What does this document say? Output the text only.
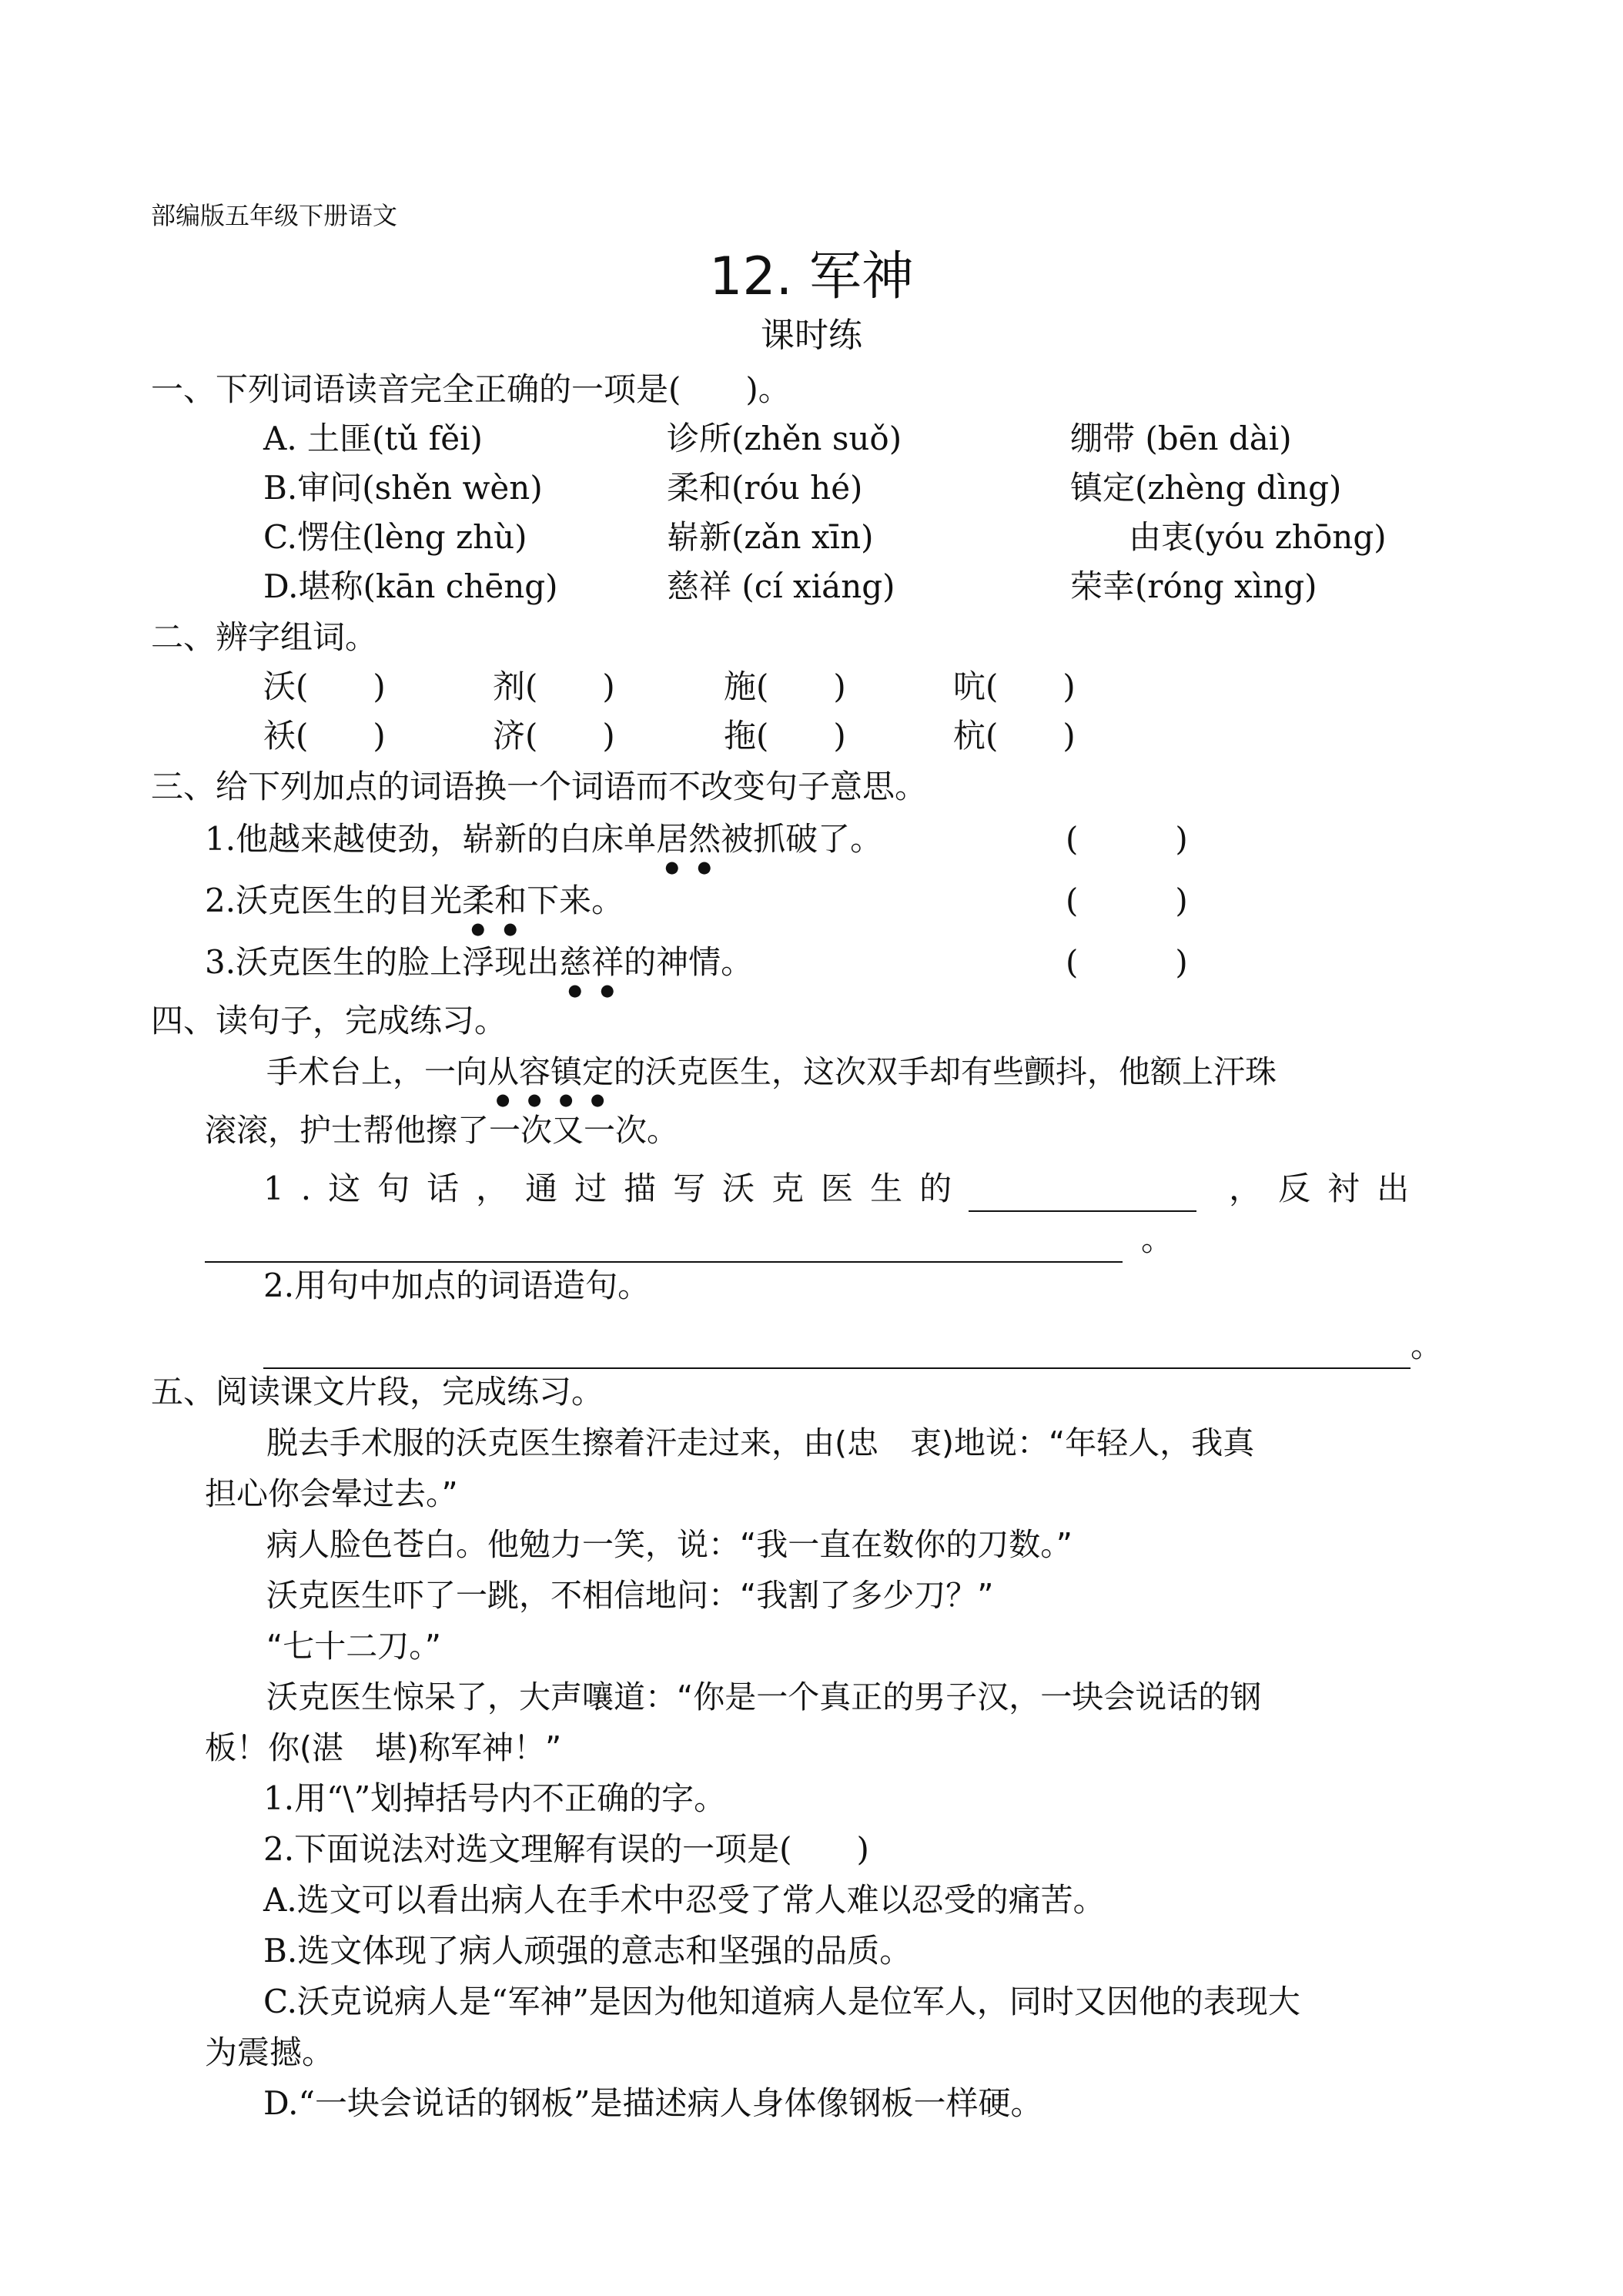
部编版五年级下册语文
12. 军神
课时练
一、下列词语读音完全正确的一项是(　　)。
A. 土匪(tǔ fěi)	诊所(zhěn suǒ)	绷带 (bēn dài)
B.审问(shěn wèn)	柔和(róu hé)	镇定(zhèng dìng)
C.愣住(lèng zhù)	崭新(zǎn xīn)	由衷(yóu zhōng)
D.堪称(kān chēng)	慈祥 (cí xiáng)	荣幸(róng xìng)
二、辨字组词。
沃(　　)	剂(　　)	施(　　)	吭(　　)
袄(　　)	济(　　)	拖(　　)	杭(　　)
三、给下列加点的词语换一个词语而不改变句子意思。
1.他越来越使劲，崭新的白床单居然被抓破了。	(　　　)
2.沃克医生的目光柔和下来。	(　　　)
3.沃克医生的脸上浮现出慈祥的神情。	(　　　)
四、读句子，完成练习。
手术台上，一向从容镇定的沃克医生，这次双手却有些颤抖，他额上汗珠
滚滚，护士帮他擦了一次又一次。
1.这句话，通过描写沃克医生的	，反衬出
。
2.用句中加点的词语造句。
。
五、阅读课文片段，完成练习。
脱去手术服的沃克医生擦着汗走过来，由(忠　衷)地说：“年轻人，我真
担心你会晕过去。”
病人脸色苍白。他勉力一笑，说：“我一直在数你的刀数。”
沃克医生吓了一跳，不相信地问：“我割了多少刀？”
“七十二刀。”
沃克医生惊呆了，大声嚷道：“你是一个真正的男子汉，一块会说话的钢
板！你(湛　堪)称军神！”
1.用“\”划掉括号内不正确的字。
2.下面说法对选文理解有误的一项是(　　)
A.选文可以看出病人在手术中忍受了常人难以忍受的痛苦。
B.选文体现了病人顽强的意志和坚强的品质。
C.沃克说病人是“军神”是因为他知道病人是位军人，同时又因他的表现大
为震撼。
D.“一块会说话的钢板”是描述病人身体像钢板一样硬。
